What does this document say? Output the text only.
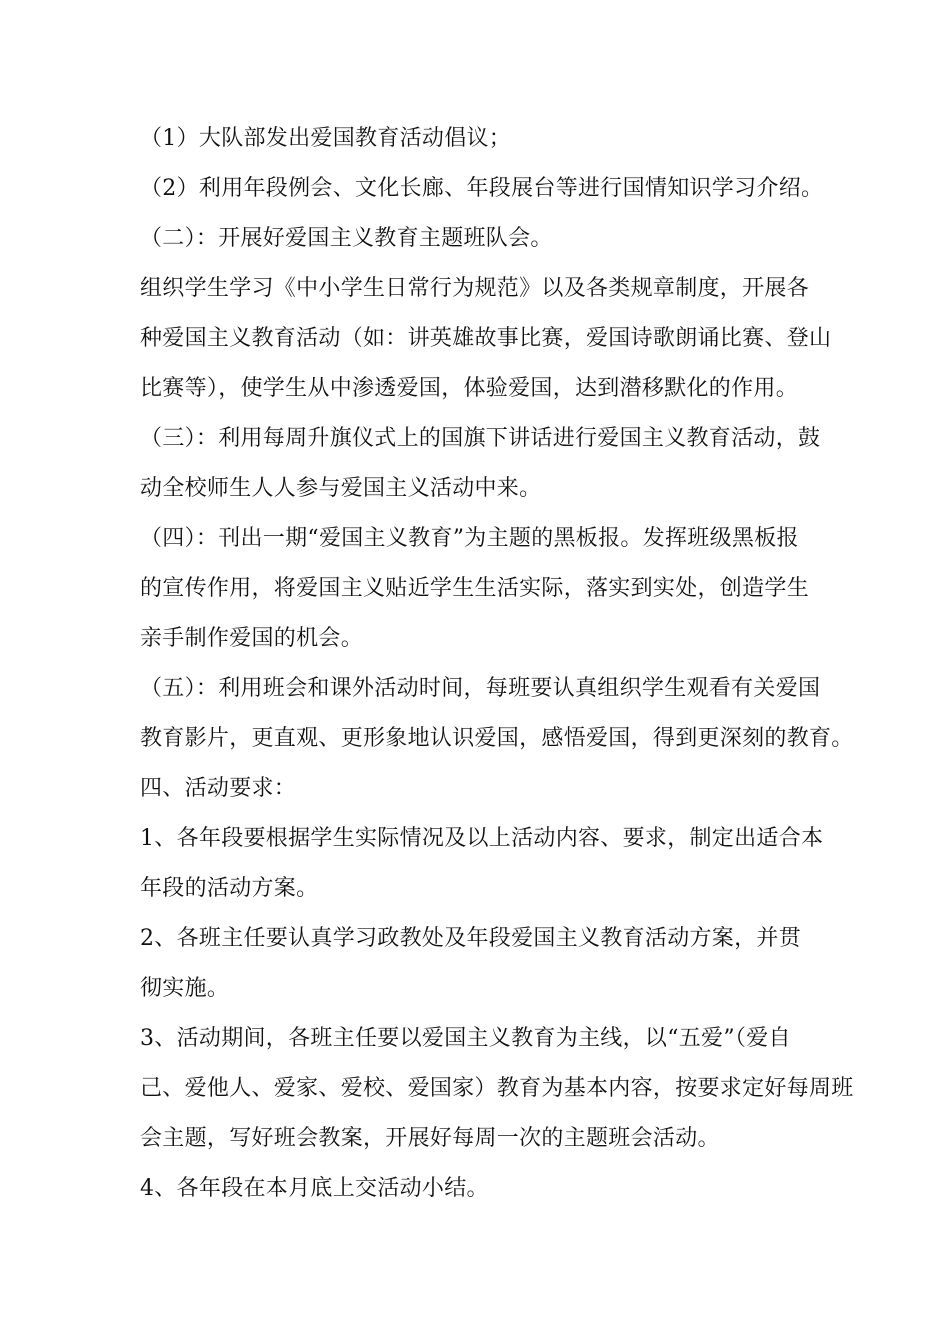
（1）大队部发出爱国教育活动倡议；
（2）利用年段例会、文化长廊、年段展台等进行国情知识学习介绍。
（二）：开展好爱国主义教育主题班队会。
组织学生学习《中小学生日常行为规范》以及各类规章制度，开展各
种爱国主义教育活动（如：讲英雄故事比赛，爱国诗歌朗诵比赛、登山
比赛等），使学生从中渗透爱国，体验爱国，达到潜移默化的作用。
（三）：利用每周升旗仪式上的国旗下讲话进行爱国主义教育活动，鼓
动全校师生人人参与爱国主义活动中来。
（四）：刊出一期“爱国主义教育”为主题的黑板报。发挥班级黑板报
的宣传作用，将爱国主义贴近学生生活实际，落实到实处，创造学生
亲手制作爱国的机会。
（五）：利用班会和课外活动时间，每班要认真组织学生观看有关爱国
教育影片，更直观、更形象地认识爱国，感悟爱国，得到更深刻的教育。
四、活动要求：
1、各年段要根据学生实际情况及以上活动内容、要求，制定出适合本
年段的活动方案。
2、各班主任要认真学习政教处及年段爱国主义教育活动方案，并贯
彻实施。
3、活动期间，各班主任要以爱国主义教育为主线，以“五爱”（爱自
己、爱他人、爱家、爱校、爱国家）教育为基本内容，按要求定好每周班
会主题，写好班会教案，开展好每周一次的主题班会活动。
4、各年段在本月底上交活动小结。
